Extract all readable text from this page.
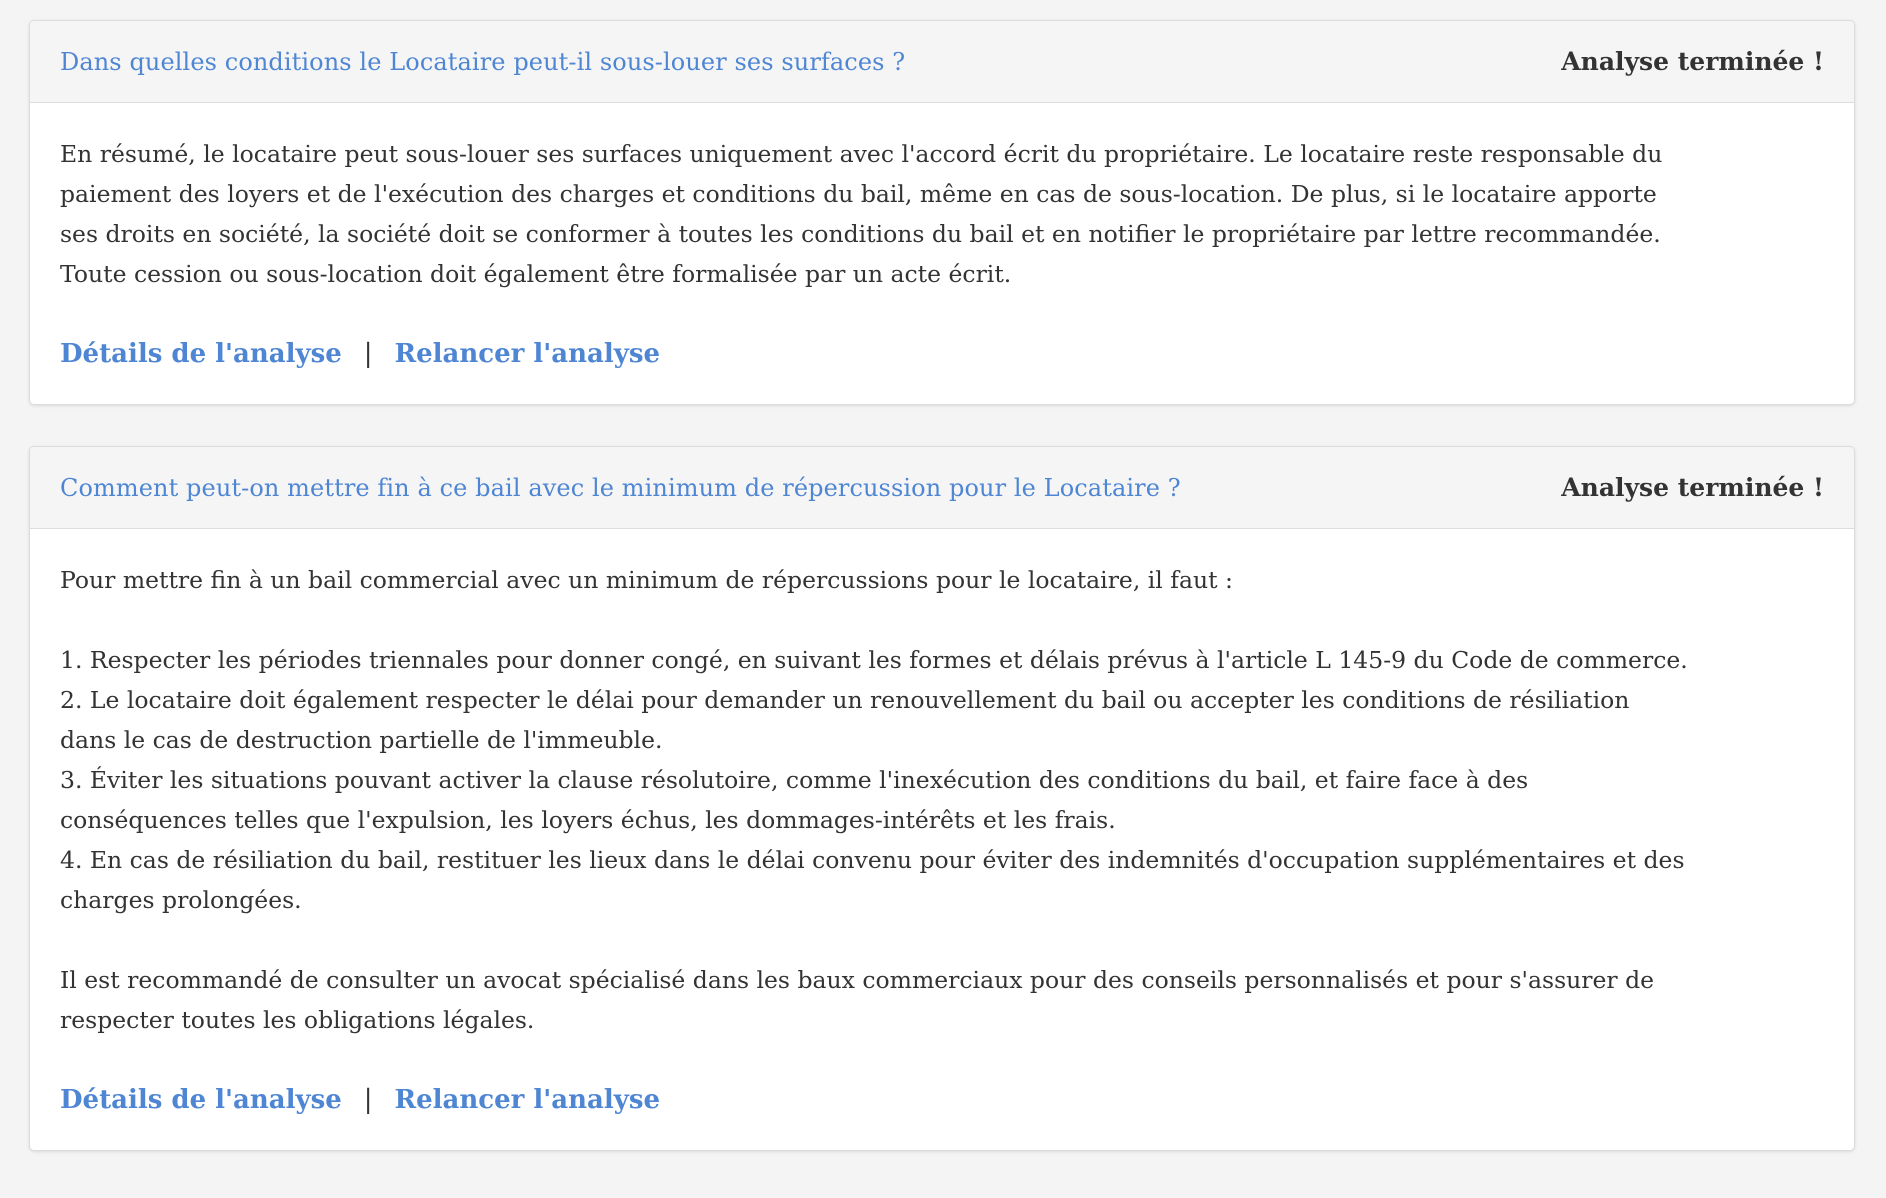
Dans quelles conditions le Locataire peut-il sous-louer ses surfaces ?	Analyse terminée !

En résumé, le locataire peut sous-louer ses surfaces uniquement avec l'accord écrit du propriétaire. Le locataire reste responsable du

paiement des loyers et de l'exécution des charges et conditions du bail, même en cas de sous-location. De plus, si le locataire apporte

ses droits en société, la société doit se conformer à toutes les conditions du bail et en notifier le propriétaire par lettre recommandée.

Toute cession ou sous-location doit également être formalisée par un acte écrit.

Détails de l'analyse | Relancer l'analyse
Comment peut-on mettre fin à ce bail avec le minimum de répercussion pour le Locataire ?	Analyse terminée !

Pour mettre fin à un bail commercial avec un minimum de répercussions pour le locataire, il faut :

1. Respecter les périodes triennales pour donner congé, en suivant les formes et délais prévus à l'article L 145-9 du Code de commerce.

2. Le locataire doit également respecter le délai pour demander un renouvellement du bail ou accepter les conditions de résiliation

dans le cas de destruction partielle de l'immeuble.

3. Éviter les situations pouvant activer la clause résolutoire, comme l'inexécution des conditions du bail, et faire face à des

conséquences telles que l'expulsion, les loyers échus, les dommages-intérêts et les frais.

4. En cas de résiliation du bail, restituer les lieux dans le délai convenu pour éviter des indemnités d'occupation supplémentaires et des

charges prolongées.

Il est recommandé de consulter un avocat spécialisé dans les baux commerciaux pour des conseils personnalisés et pour s'assurer de

respecter toutes les obligations légales.

Détails de l'analyse | Relancer l'analyse
